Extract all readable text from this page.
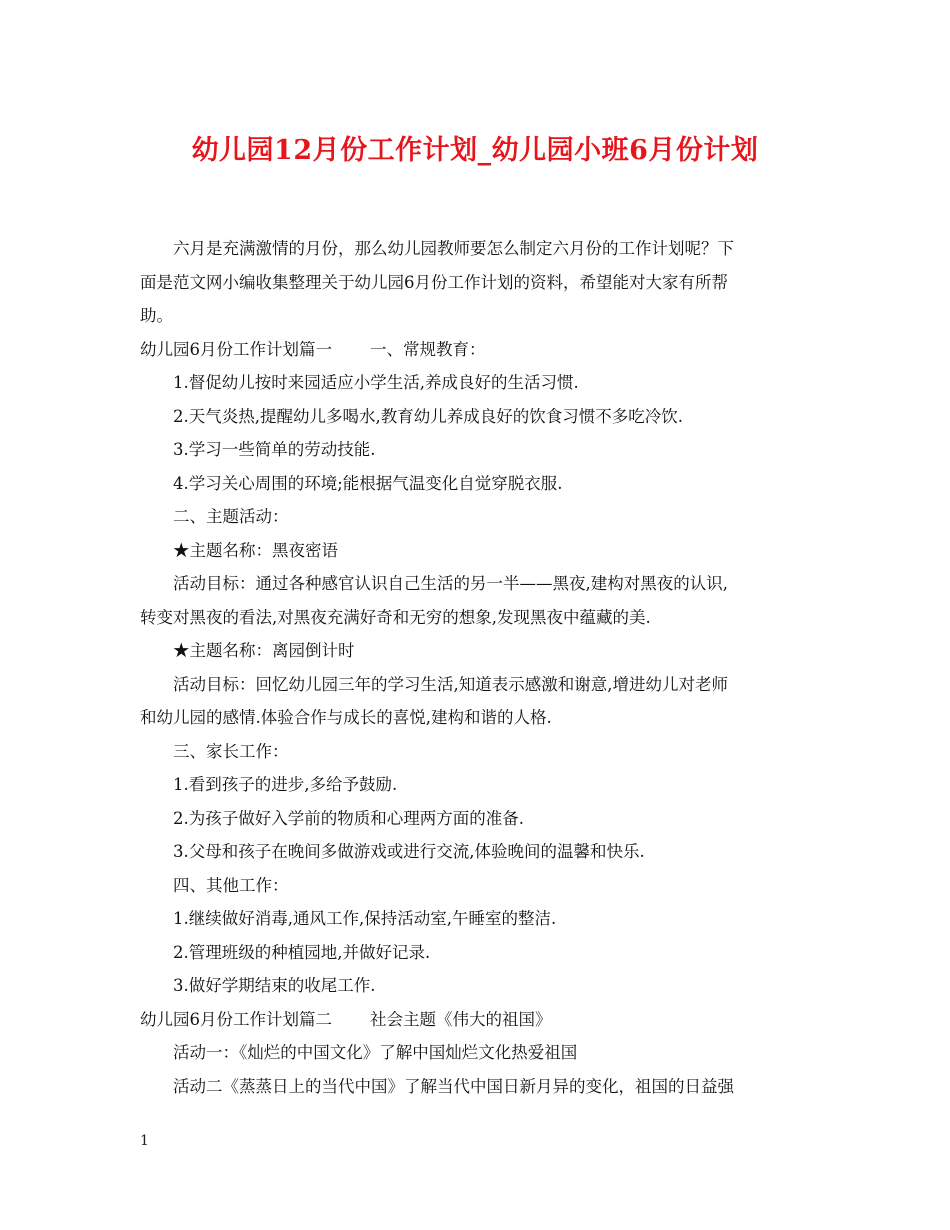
幼儿园12月份工作计划_幼儿园小班6月份计划

六月是充满激情的月份，那么幼儿园教师要怎么制定六月份的工作计划呢？下

面是范文网小编收集整理关于幼儿园6月份工作计划的资料，希望能对大家有所帮

助。

幼儿园6月份工作计划篇一 一、常规教育：

1.督促幼儿按时来园适应小学生活,养成良好的生活习惯.

2.天气炎热,提醒幼儿多喝水,教育幼儿养成良好的饮食习惯不多吃冷饮.

3.学习一些简单的劳动技能.

4.学习关心周围的环境;能根据气温变化自觉穿脱衣服.

二、主题活动：

★主题名称：黑夜密语

活动目标：通过各种感官认识自己生活的另一半——黑夜,建构对黑夜的认识,

转变对黑夜的看法,对黑夜充满好奇和无穷的想象,发现黑夜中蕴藏的美.

★主题名称：离园倒计时

活动目标：回忆幼儿园三年的学习生活,知道表示感激和谢意,增进幼儿对老师

和幼儿园的感情.体验合作与成长的喜悦,建构和谐的人格.

三、家长工作：

1.看到孩子的进步,多给予鼓励.

2.为孩子做好入学前的物质和心理两方面的准备.

3.父母和孩子在晚间多做游戏或进行交流,体验晚间的温馨和快乐.

四、其他工作：

1.继续做好消毒,通风工作,保持活动室,午睡室的整洁.

2.管理班级的种植园地,并做好记录.

3.做好学期结束的收尾工作.

幼儿园6月份工作计划篇二 社会主题《伟大的祖国》

活动一：《灿烂的中国文化》了解中国灿烂文化热爱祖国

活动二《蒸蒸日上的当代中国》了解当代中国日新月异的变化，祖国的日益强

1
